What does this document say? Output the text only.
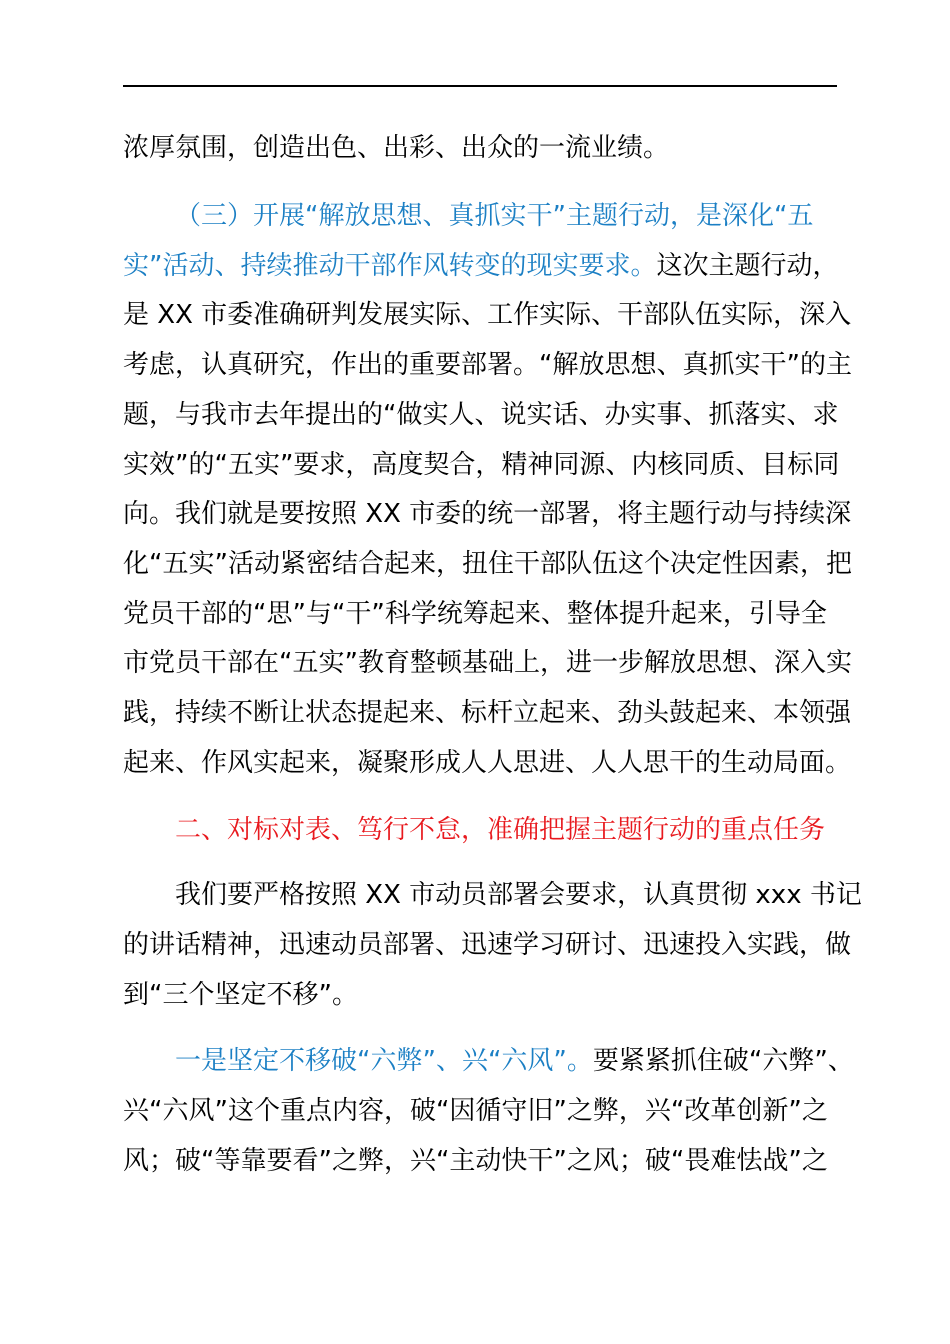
浓厚氛围，创造出色、出彩、出众的一流业绩。
（三）开展“解放思想、真抓实干”主题行动，是深化“五
实”活动、持续推动干部作风转变的现实要求。这次主题行动，
是 XX 市委准确研判发展实际、工作实际、干部队伍实际，深入
考虑，认真研究，作出的重要部署。“解放思想、真抓实干”的主
题，与我市去年提出的“做实人、说实话、办实事、抓落实、求
实效”的“五实”要求，高度契合，精神同源、内核同质、目标同
向。我们就是要按照 XX 市委的统一部署，将主题行动与持续深
化“五实”活动紧密结合起来，扭住干部队伍这个决定性因素，把
党员干部的“思”与“干”科学统筹起来、整体提升起来，引导全
市党员干部在“五实”教育整顿基础上，进一步解放思想、深入实
践，持续不断让状态提起来、标杆立起来、劲头鼓起来、本领强
起来、作风实起来，凝聚形成人人思进、人人思干的生动局面。
二、对标对表、笃行不怠，准确把握主题行动的重点任务
我们要严格按照 XX 市动员部署会要求，认真贯彻 xxx 书记
的讲话精神，迅速动员部署、迅速学习研讨、迅速投入实践，做
到“三个坚定不移”。
一是坚定不移破“六弊”、兴“六风”。要紧紧抓住破“六弊”、
兴“六风”这个重点内容，破“因循守旧”之弊，兴“改革创新”之
风；破“等靠要看”之弊，兴“主动快干”之风；破“畏难怯战”之
